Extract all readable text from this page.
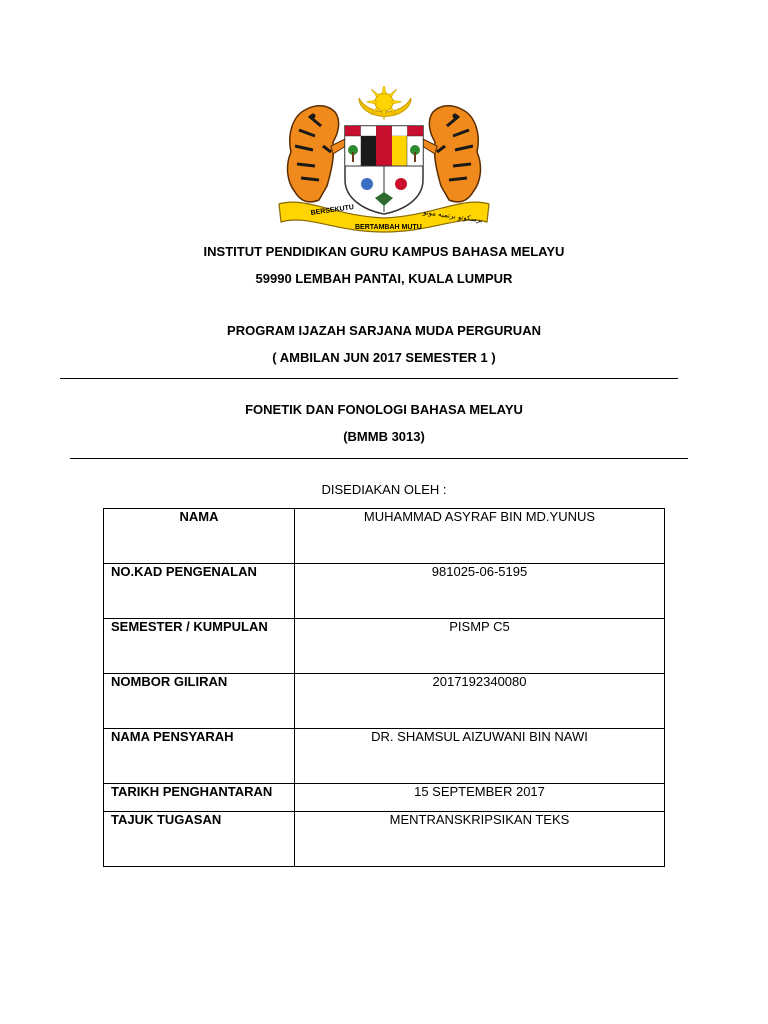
BERSEKUTU
BERTAMBAH MUTU
برسکوتو برتمبه موتو
INSTITUT PENDIDIKAN GURU KAMPUS BAHASA MELAYU
59990 LEMBAH PANTAI, KUALA LUMPUR
PROGRAM IJAZAH SARJANA MUDA PERGURUAN
( AMBILAN JUN 2017 SEMESTER 1 )
FONETIK DAN FONOLOGI BAHASA MELAYU
(BMMB 3013)
DISEDIAKAN OLEH :
NAMA	MUHAMMAD ASYRAF BIN MD.YUNUS
NO.KAD PENGENALAN	981025-06-5195
SEMESTER / KUMPULAN	PISMP C5
NOMBOR GILIRAN	2017192340080
NAMA PENSYARAH	DR. SHAMSUL AIZUWANI BIN NAWI
TARIKH PENGHANTARAN	15 SEPTEMBER 2017
TAJUK TUGASAN	MENTRANSKRIPSIKAN TEKS
